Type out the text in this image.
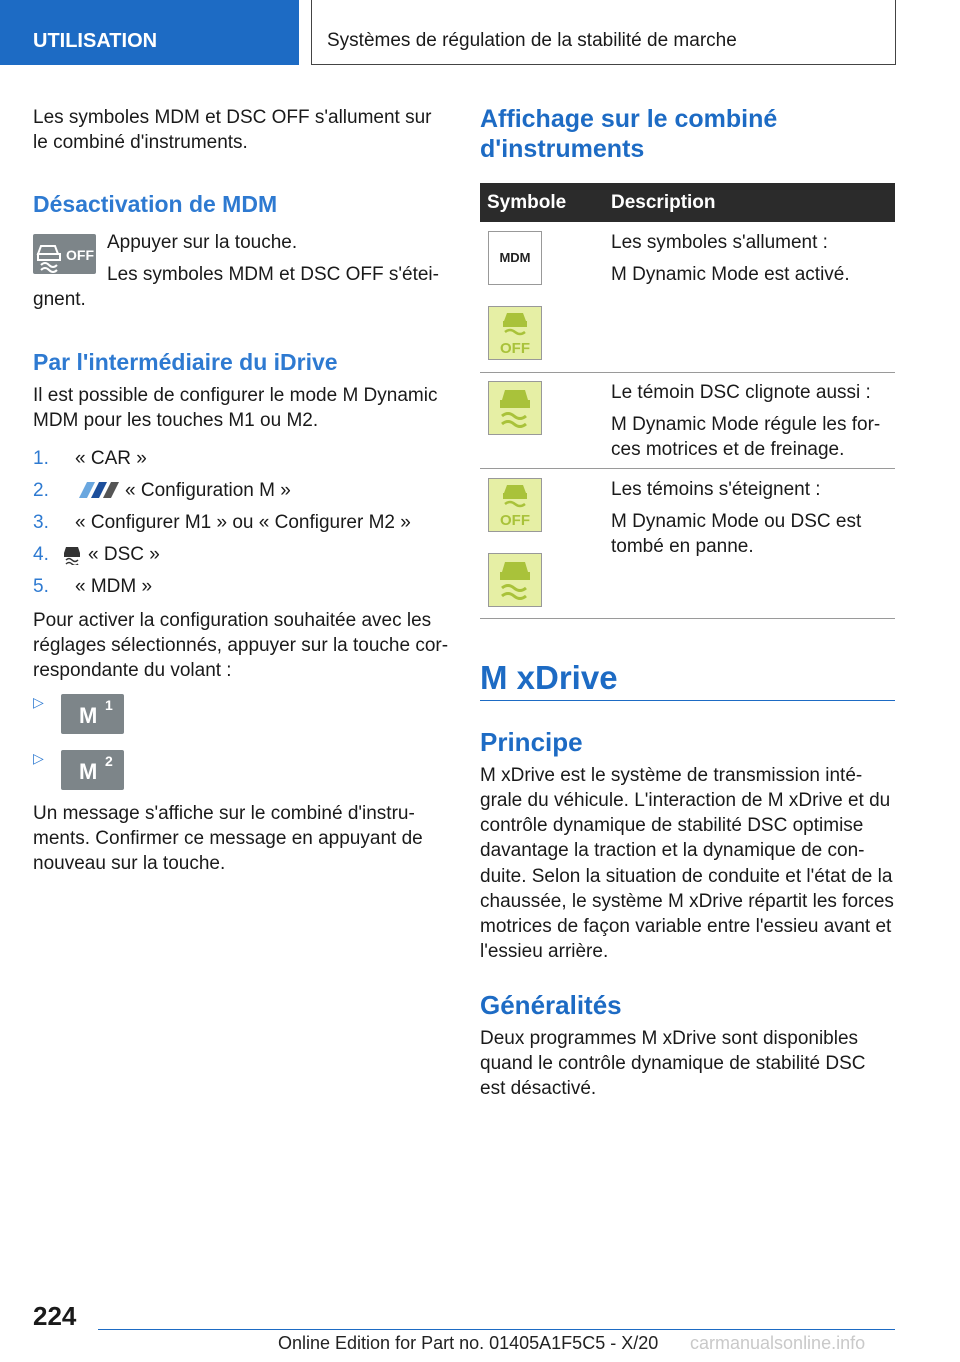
UTILISATION	Systèmes de régulation de la stabilité de marche
Les symboles MDM et DSC OFF s'allument sur
le combiné d'instruments.
Désactivation de MDM
OFF
Appuyer sur la touche.
Les symboles MDM et DSC OFF s'étei-
gnent.
Par l'intermédiaire du iDrive
Il est possible de configurer le mode M Dynamic
MDM pour les touches M1 ou M2.
1. « CAR »
2.	« Configuration M »
3. « Configurer M1 » ou « Configurer M2 »
4. « DSC »
5. « MDM »
Pour activer la configuration souhaitée avec les
réglages sélectionnés, appuyer sur la touche cor-
respondante du volant :
▷
M 1
▷
M 2
Un message s'affiche sur le combiné d'instru-
ments. Confirmer ce message en appuyant de
nouveau sur la touche.
Affichage sur le combiné
d'instruments
Symbole Description
MDM
OFF
Les symboles s'allument :
M Dynamic Mode est activé.
Le témoin DSC clignote aussi :
M Dynamic Mode régule les for-
ces motrices et de freinage.
OFF
Les témoins s'éteignent :
M Dynamic Mode ou DSC est
tombé en panne.
M xDrive
Principe
M xDrive est le système de transmission inté-
grale du véhicule. L'interaction de M xDrive et du
contrôle dynamique de stabilité DSC optimise
davantage la traction et la dynamique de con-
duite. Selon la situation de conduite et l'état de la
chaussée, le système M xDrive répartit les forces
motrices de façon variable entre l'essieu avant et
l'essieu arrière.
Généralités
Deux programmes M xDrive sont disponibles
quand le contrôle dynamique de stabilité DSC
est désactivé.
224
Online Edition for Part no. 01405A1F5C5 - X/20 carmanualsonline.info
